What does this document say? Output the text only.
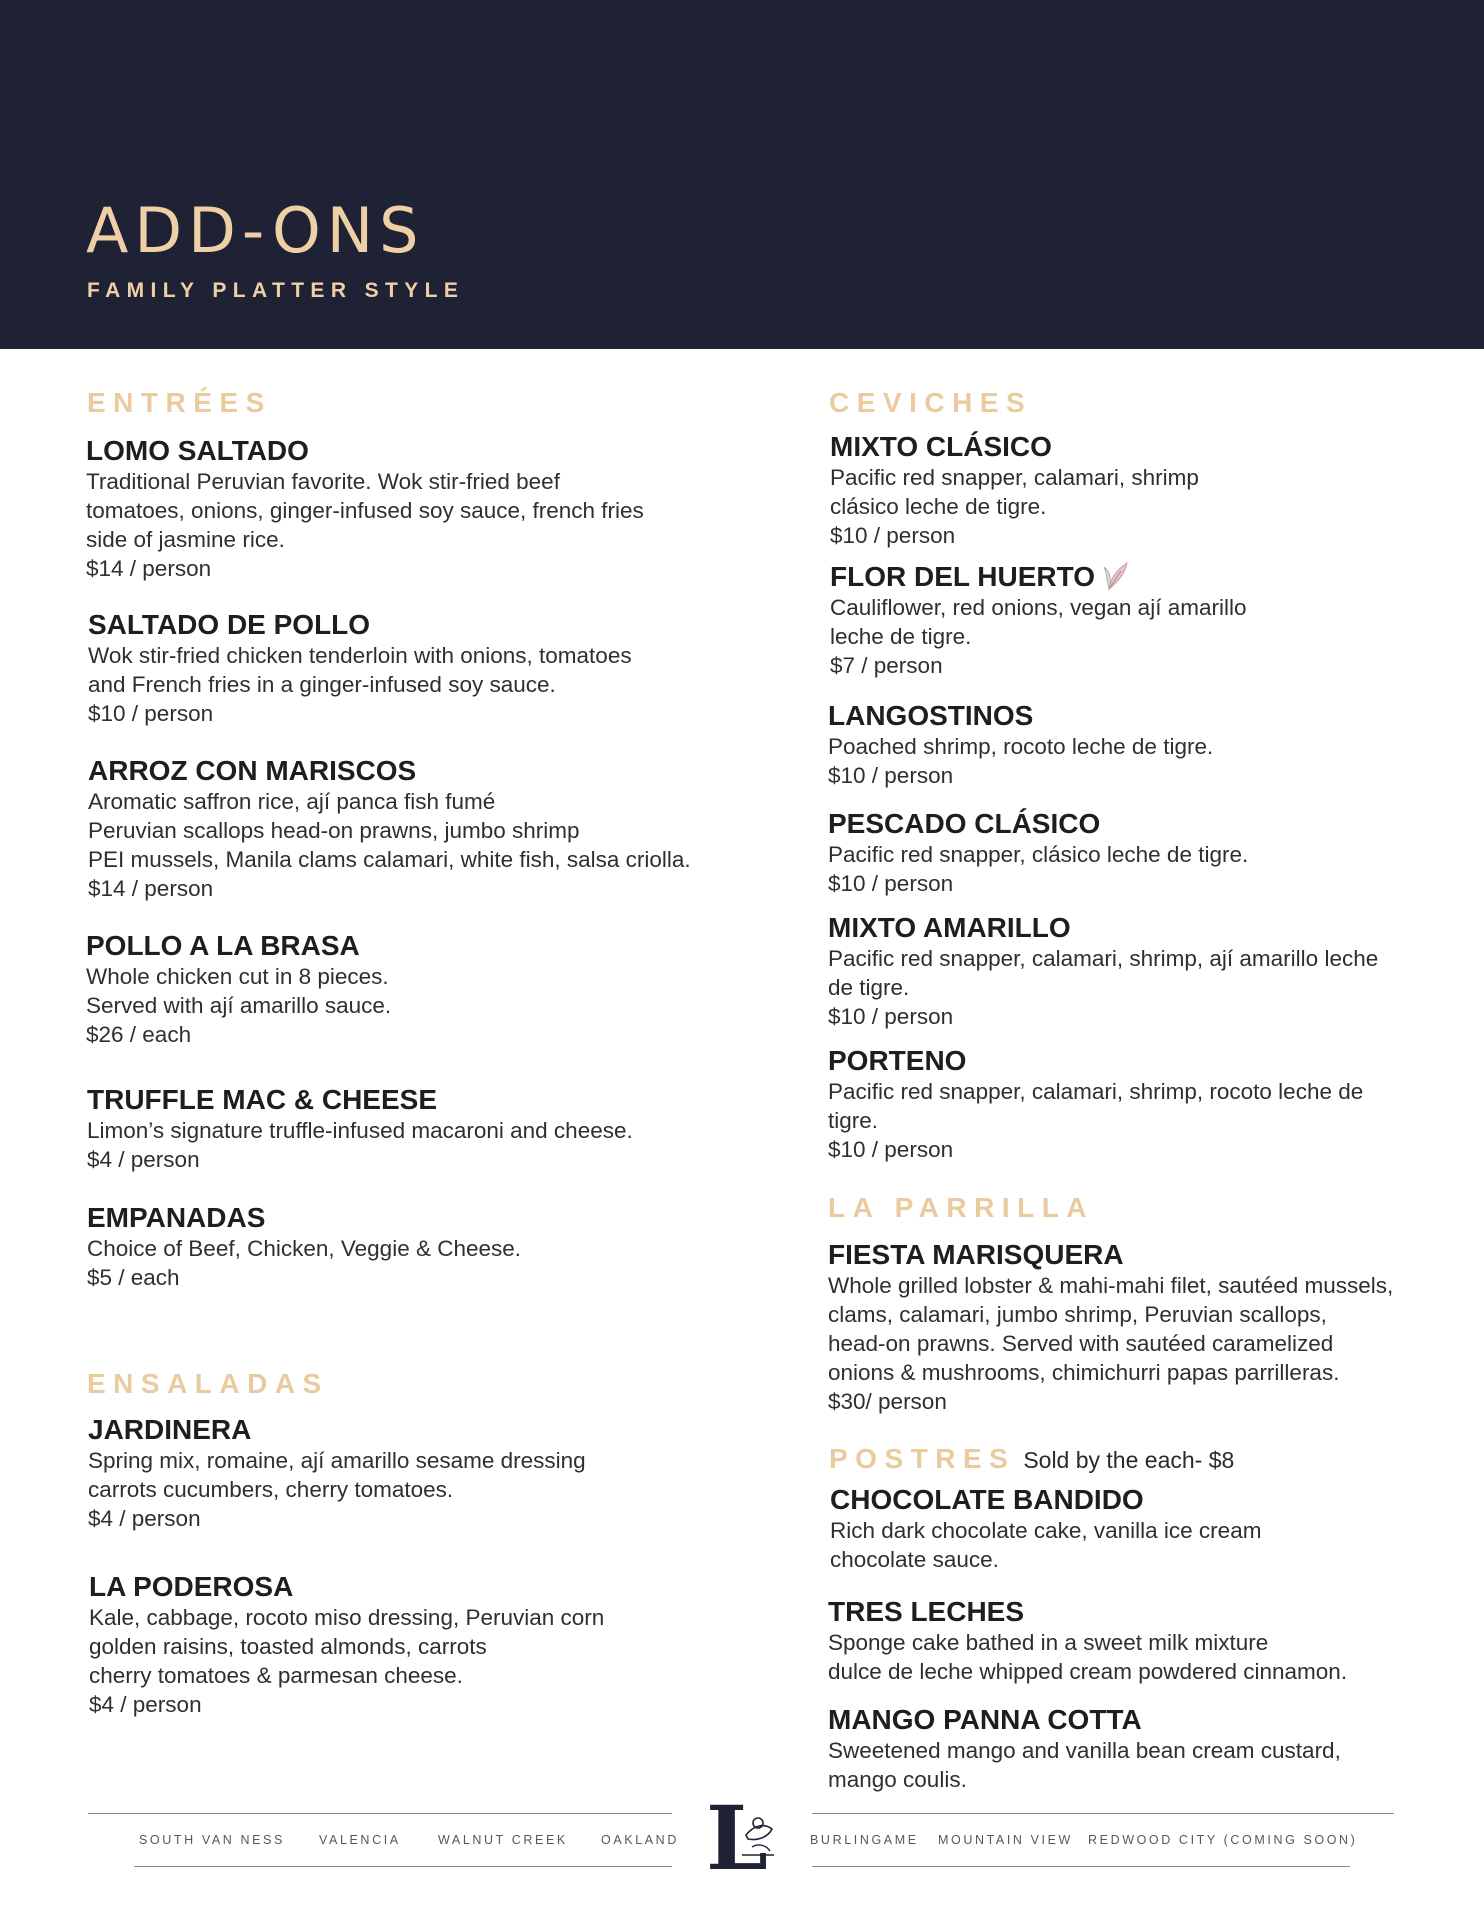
ADD-ONS
FAMILY PLATTER STYLE
ENTRÉES
LOMO SALTADO
Traditional Peruvian favorite. Wok stir-fried beef
tomatoes, onions, ginger-infused soy sauce, french fries
side of jasmine rice.
$14 / person
SALTADO DE POLLO
Wok stir-fried chicken tenderloin with onions, tomatoes
and French fries in a ginger-infused soy sauce.
$10 / person
ARROZ CON MARISCOS
Aromatic saffron rice, ají panca fish fumé
Peruvian scallops head-on prawns, jumbo shrimp
PEI mussels, Manila clams calamari, white fish, salsa criolla.
$14 / person
POLLO A LA BRASA
Whole chicken cut in 8 pieces.
Served with ají amarillo sauce.
$26 / each
TRUFFLE MAC & CHEESE
Limon’s signature truffle-infused macaroni and cheese.
$4 / person
EMPANADAS
Choice of Beef, Chicken, Veggie & Cheese.
$5 / each
ENSALADAS
JARDINERA
Spring mix, romaine, ají amarillo sesame dressing
carrots cucumbers, cherry tomatoes.
$4 / person
LA PODEROSA
Kale, cabbage, rocoto miso dressing, Peruvian corn
golden raisins, toasted almonds, carrots
cherry tomatoes & parmesan cheese.
$4 / person
CEVICHES
MIXTO CLÁSICO
Pacific red snapper, calamari, shrimp
clásico leche de tigre.
$10 / person
FLOR DEL HUERTO
Cauliflower, red onions, vegan ají amarillo
leche de tigre.
$7 / person
LANGOSTINOS
Poached shrimp, rocoto leche de tigre.
$10 / person
PESCADO CLÁSICO
Pacific red snapper, clásico leche de tigre.
$10 / person
MIXTO AMARILLO
Pacific red snapper, calamari, shrimp, ají amarillo leche
de tigre.
$10 / person
PORTENO
Pacific red snapper, calamari, shrimp, rocoto leche de
tigre.
$10 / person
LA PARRILLA
FIESTA MARISQUERA
Whole grilled lobster & mahi-mahi filet, sautéed mussels,
clams, calamari, jumbo shrimp, Peruvian scallops,
head-on prawns. Served with sautéed caramelized
onions & mushrooms, chimichurri papas parrilleras.
$30/ person
POSTRES Sold by the each- $8
CHOCOLATE BANDIDO
Rich dark chocolate cake, vanilla ice cream
chocolate sauce.
TRES LECHES
Sponge cake bathed in a sweet milk mixture
dulce de leche whipped cream powdered cinnamon.
MANGO PANNA COTTA
Sweetened mango and vanilla bean cream custard,
mango coulis.
SOUTH VAN NESS	VALENCIA	WALNUT CREEK	OAKLAND	BURLINGAME MOUNTAIN VIEW REDWOOD CITY (COMING SOON)
L
